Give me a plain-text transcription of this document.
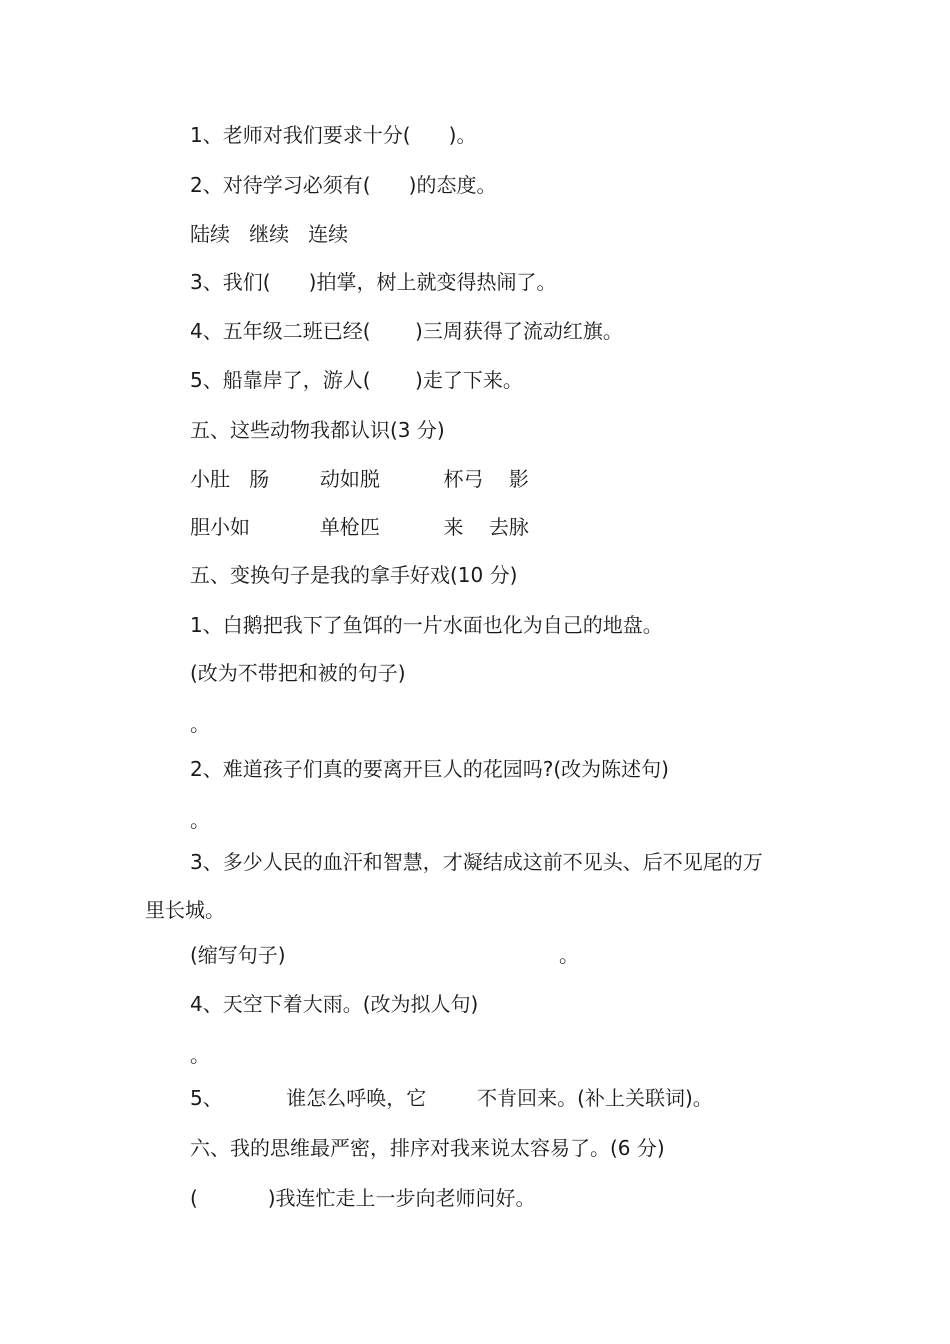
1、老师对我们要求十分(      )。

2、对待学习必须有(      )的态度。

陆续   继续   连续

3、我们(      )拍掌，树上就变得热闹了。

4、五年级二班已经(       )三周获得了流动红旗。

5、船靠岸了，游人(       )走了下来。

五、这些动物我都认识(3 分)

小肚   肠        动如脱          杯弓    影

胆小如           单枪匹          来    去脉

五、变换句子是我的拿手好戏(10 分)

1、白鹅把我下了鱼饵的一片水面也化为自己的地盘。

(改为不带把和被的句子)

。

2、难道孩子们真的要离开巨人的花园吗?(改为陈述句)

。

3、多少人民的血汗和智慧，才凝结成这前不见头、后不见尾的万

里长城。

(缩写句子)                                           。

4、天空下着大雨。(改为拟人句)

。

5、          谁怎么呼唤，它        不肯回来。(补上关联词)。

六、我的思维最严密，排序对我来说太容易了。(6 分)

(           )我连忙走上一步向老师问好。
